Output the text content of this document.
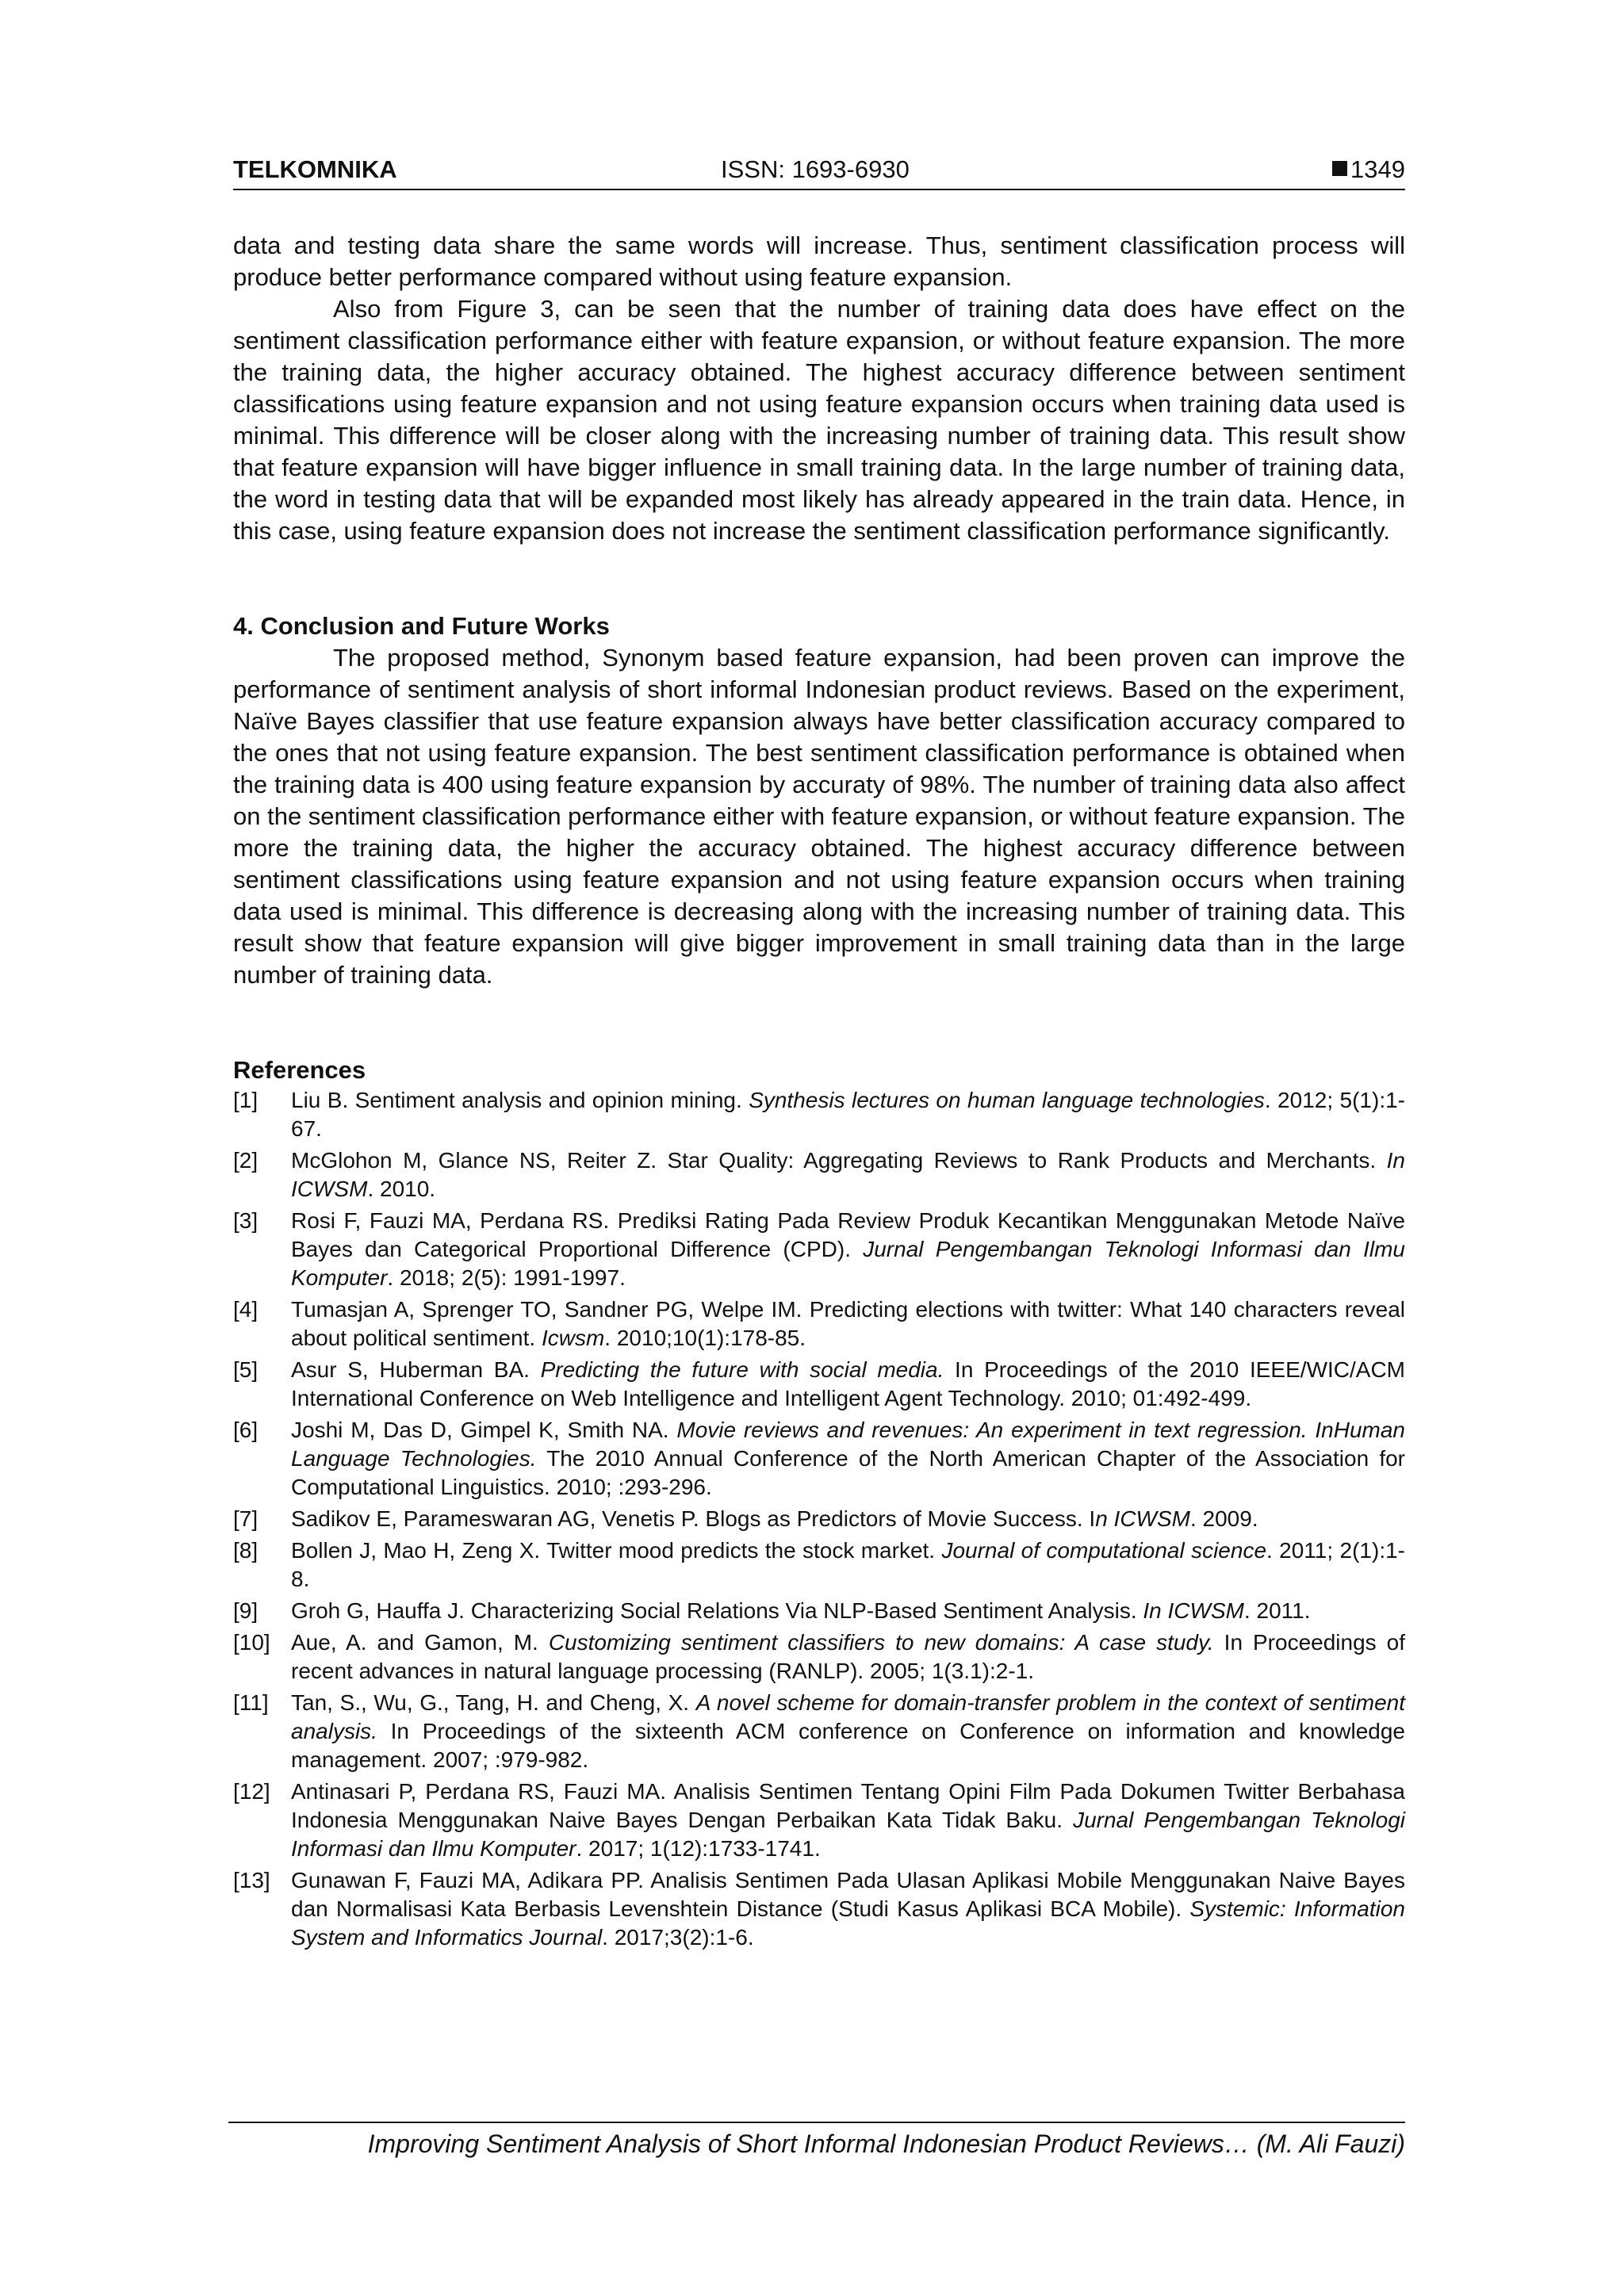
TELKOMNIKA	ISSN: 1693-6930	1349

data and testing data share the same words will increase. Thus, sentiment classification process will produce better performance compared without using feature expansion.

Also from Figure 3, can be seen that the number of training data does have effect on the sentiment classification performance either with feature expansion, or without feature expansion. The more the training data, the higher accuracy obtained. The highest accuracy difference between sentiment classifications using feature expansion and not using feature expansion occurs when training data used is minimal. This difference will be closer along with the increasing number of training data. This result show that feature expansion will have bigger influence in small training data. In the large number of training data, the word in testing data that will be expanded most likely has already appeared in the train data. Hence, in this case, using feature expansion does not increase the sentiment classification performance significantly.

4. Conclusion and Future Works

The proposed method, Synonym based feature expansion, had been proven can improve the performance of sentiment analysis of short informal Indonesian product reviews. Based on the experiment, Naïve Bayes classifier that use feature expansion always have better classification accuracy compared to the ones that not using feature expansion. The best sentiment classification performance is obtained when the training data is 400 using feature expansion by accuraty of 98%. The number of training data also affect on the sentiment classification performance either with feature expansion, or without feature expansion. The more the training data, the higher the accuracy obtained. The highest accuracy difference between sentiment classifications using feature expansion and not using feature expansion occurs when training data used is minimal. This difference is decreasing along with the increasing number of training data. This result show that feature expansion will give bigger improvement in small training data than in the large number of training data.

References
[1]	Liu B. Sentiment analysis and opinion mining. Synthesis lectures on human language technologies. 2012; 5(1):1-67.
[2]	McGlohon M, Glance NS, Reiter Z. Star Quality: Aggregating Reviews to Rank Products and Merchants. In ICWSM. 2010.
[3]	Rosi F, Fauzi MA, Perdana RS. Prediksi Rating Pada Review Produk Kecantikan Menggunakan Metode Naïve Bayes dan Categorical Proportional Difference (CPD). Jurnal Pengembangan Teknologi Informasi dan Ilmu Komputer. 2018; 2(5): 1991-1997.
[4]	Tumasjan A, Sprenger TO, Sandner PG, Welpe IM. Predicting elections with twitter: What 140 characters reveal about political sentiment. Icwsm. 2010;10(1):178-85.
[5]	Asur S, Huberman BA. Predicting the future with social media. In Proceedings of the 2010 IEEE/WIC/ACM International Conference on Web Intelligence and Intelligent Agent Technology. 2010; 01:492-499.
[6]	Joshi M, Das D, Gimpel K, Smith NA. Movie reviews and revenues: An experiment in text regression. InHuman Language Technologies. The 2010 Annual Conference of the North American Chapter of the Association for Computational Linguistics. 2010; :293-296.
[7]	Sadikov E, Parameswaran AG, Venetis P. Blogs as Predictors of Movie Success. In ICWSM. 2009.
[8]	Bollen J, Mao H, Zeng X. Twitter mood predicts the stock market. Journal of computational science. 2011; 2(1):1-8.
[9]	Groh G, Hauffa J. Characterizing Social Relations Via NLP-Based Sentiment Analysis. In ICWSM. 2011.
[10] Aue, A. and Gamon, M. Customizing sentiment classifiers to new domains: A case study. In Proceedings of recent advances in natural language processing (RANLP). 2005; 1(3.1):2-1.
[11]	Tan, S., Wu, G., Tang, H. and Cheng, X. A novel scheme for domain-transfer problem in the context of sentiment analysis. In Proceedings of the sixteenth ACM conference on Conference on information and knowledge management. 2007; :979-982.
[12] Antinasari P, Perdana RS, Fauzi MA. Analisis Sentimen Tentang Opini Film Pada Dokumen Twitter Berbahasa Indonesia Menggunakan Naive Bayes Dengan Perbaikan Kata Tidak Baku. Jurnal Pengembangan Teknologi Informasi dan Ilmu Komputer. 2017; 1(12):1733-1741.
[13] Gunawan F, Fauzi MA, Adikara PP. Analisis Sentimen Pada Ulasan Aplikasi Mobile Menggunakan Naive Bayes dan Normalisasi Kata Berbasis Levenshtein Distance (Studi Kasus Aplikasi BCA Mobile). Systemic: Information System and Informatics Journal. 2017;3(2):1-6.
Improving Sentiment Analysis of Short Informal Indonesian Product Reviews… (M. Ali Fauzi)
